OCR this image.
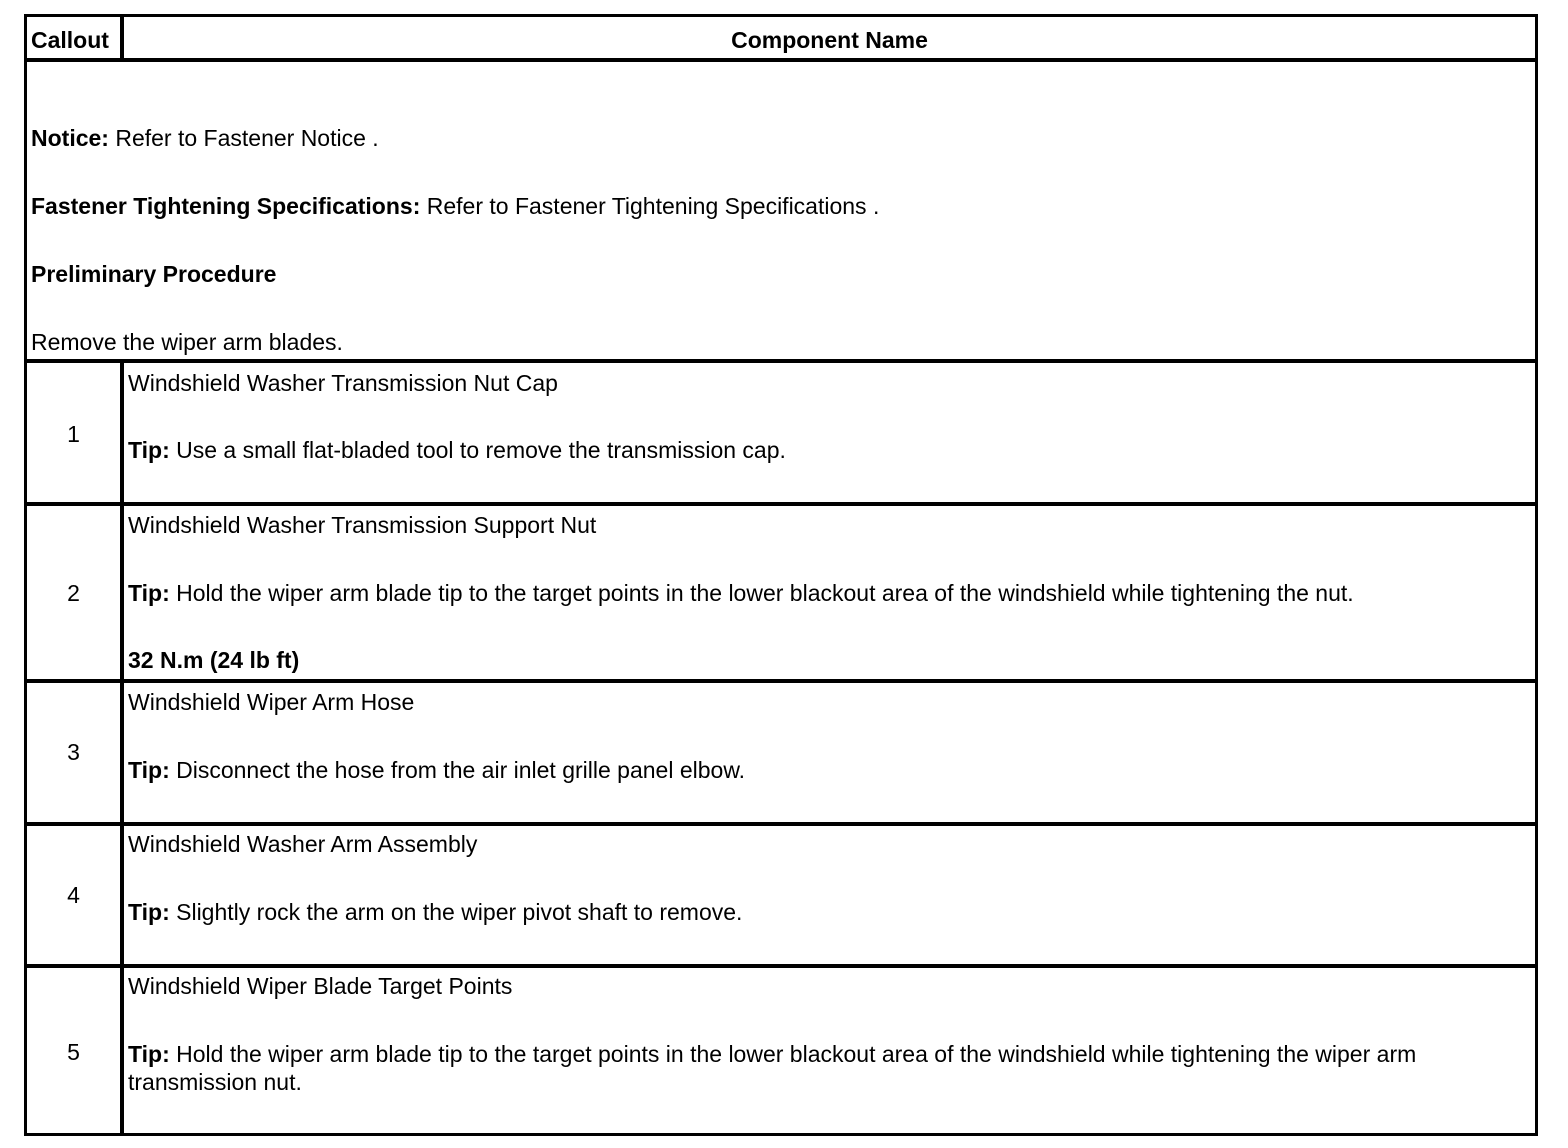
Callout	Component Name
Notice: Refer to Fastener Notice .
Fastener Tightening Specifications: Refer to Fastener Tightening Specifications .
Preliminary Procedure
Remove the wiper arm blades.
1
Windshield Washer Transmission Nut Cap
Tip: Use a small flat-bladed tool to remove the transmission cap.
2
Windshield Washer Transmission Support Nut
Tip: Hold the wiper arm blade tip to the target points in the lower blackout area of the windshield while tightening the nut.
32 N.m (24 lb ft)
3
Windshield Wiper Arm Hose
Tip: Disconnect the hose from the air inlet grille panel elbow.
4
Windshield Washer Arm Assembly
Tip: Slightly rock the arm on the wiper pivot shaft to remove.
5
Windshield Wiper Blade Target Points
Tip: Hold the wiper arm blade tip to the target points in the lower blackout area of the windshield while tightening the wiper arm transmission nut.
